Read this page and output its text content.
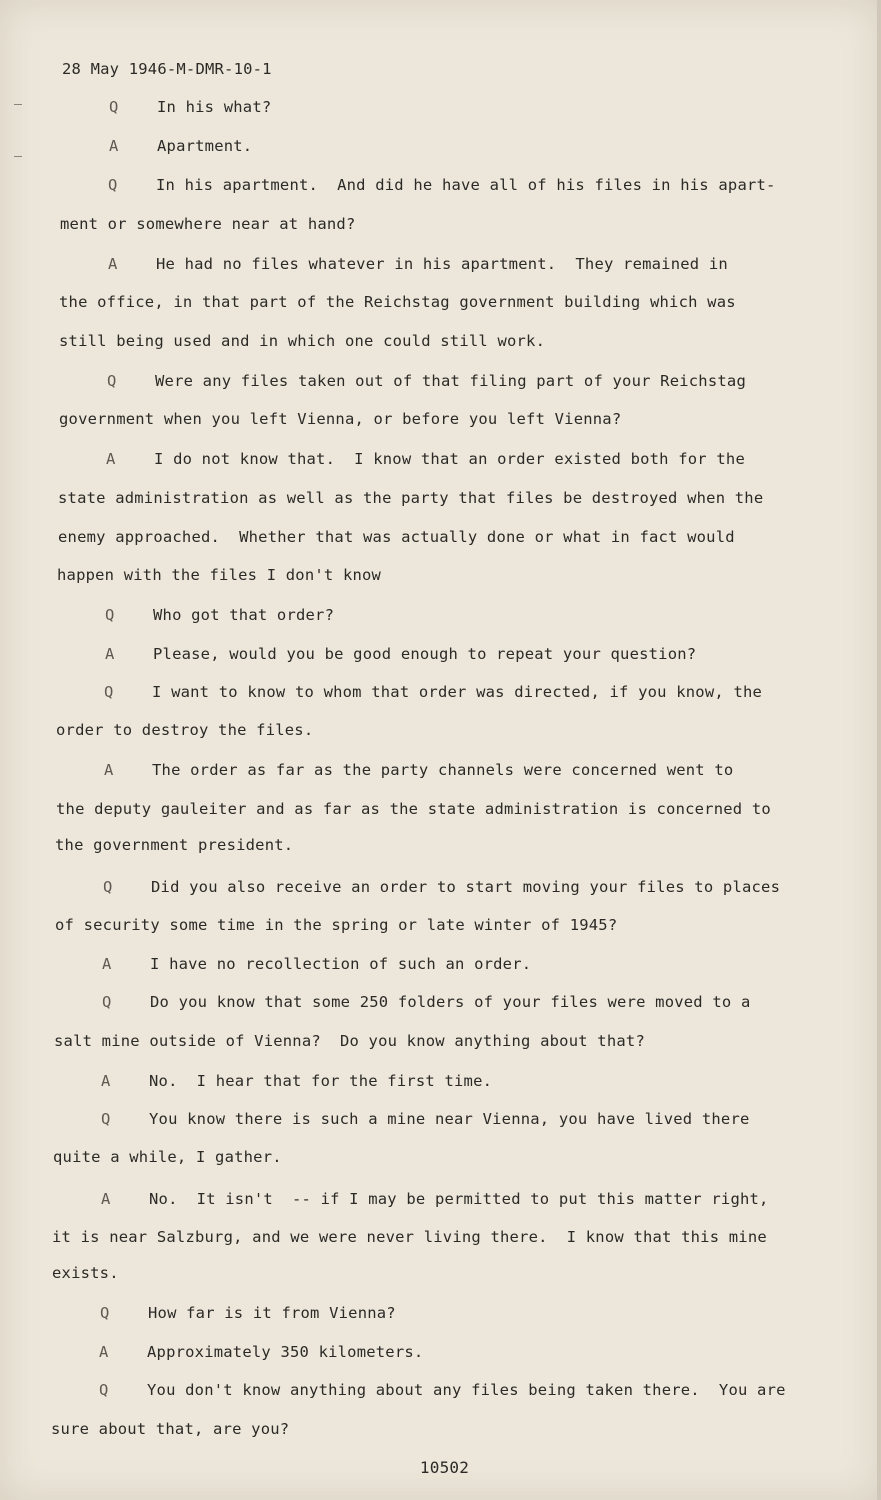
28 May 1946-M-DMR-10-1
Q	In his what?
A	Apartment.
Q	In his apartment.  And did he have all of his files in his apart-
ment or somewhere near at hand?
A	He had no files whatever in his apartment.  They remained in
the office, in that part of the Reichstag government building which was
still being used and in which one could still work.
Q	Were any files taken out of that filing part of your Reichstag
government when you left Vienna, or before you left Vienna?
A	I do not know that.  I know that an order existed both for the
state administration as well as the party that files be destroyed when the
enemy approached.  Whether that was actually done or what in fact would
happen with the files I don't know
Q	Who got that order?
A	Please, would you be good enough to repeat your question?
Q	I want to know to whom that order was directed, if you know, the
order to destroy the files.
A	The order as far as the party channels were concerned went to
the deputy gauleiter and as far as the state administration is concerned to
the government president.
Q	Did you also receive an order to start moving your files to places
of security some time in the spring or late winter of 1945?
A	I have no recollection of such an order.
Q	Do you know that some 250 folders of your files were moved to a
salt mine outside of Vienna?  Do you know anything about that?
A	No.  I hear that for the first time.
Q	You know there is such a mine near Vienna, you have lived there
quite a while, I gather.
A	No.  It isn't  -- if I may be permitted to put this matter right,
it is near Salzburg, and we were never living there.  I know that this mine
exists.
Q	How far is it from Vienna?
A	Approximately 350 kilometers.
Q	You don't know anything about any files being taken there.  You are
sure about that, are you?
10502
